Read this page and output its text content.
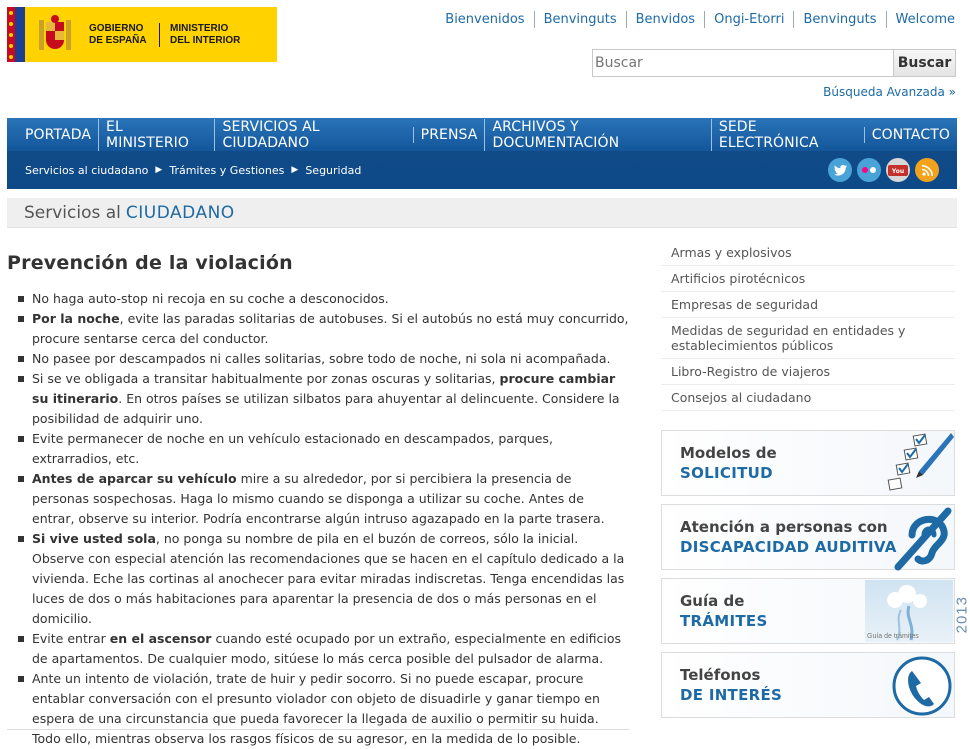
GOBIERNO DE ESPAÑA
MINISTERIO DEL INTERIOR
Bienvenidos	Benvinguts	Benvidos	Ongi-Etorri	Benvinguts	Welcome
Buscar
Buscar
Búsqueda Avanzada »
PORTADA	EL MINISTERIO
SERVICIOS AL CIUDADANO	PRENSA	ARCHIVOS Y DOCUMENTACIÓN
SEDE ELECTRÓNICA	CONTACTO
Servicios al ciudadano ▶ Trámites y Gestiones ▶ Seguridad	You
Servicios al CIUDADANO
Prevención de la violación
No haga auto-stop ni recoja en su coche a desconocidos.
Por la noche, evite las paradas solitarias de autobuses. Si el autobús no está muy concurrido, procure sentarse cerca del conductor.
No pasee por descampados ni calles solitarias, sobre todo de noche, ni sola ni acompañada.
Si se ve obligada a transitar habitualmente por zonas oscuras y solitarias, procure cambiar su itinerario. En otros países se utilizan silbatos para ahuyentar al delincuente. Considere la posibilidad de adquirir uno.
Evite permanecer de noche en un vehículo estacionado en descampados, parques, extrarradios, etc.
Antes de aparcar su vehículo mire a su alrededor, por si percibiera la presencia de personas sospechosas. Haga lo mismo cuando se disponga a utilizar su coche. Antes de entrar, observe su interior. Podría encontrarse algún intruso agazapado en la parte trasera.
Si vive usted sola, no ponga su nombre de pila en el buzón de correos, sólo la inicial. Observe con especial atención las recomendaciones que se hacen en el capítulo dedicado a la vivienda. Eche las cortinas al anochecer para evitar miradas indiscretas. Tenga encendidas las luces de dos o más habitaciones para aparentar la presencia de dos o más personas en el domicilio.
Evite entrar en el ascensor cuando esté ocupado por un extraño, especialmente en edificios de apartamentos. De cualquier modo, sitúese lo más cerca posible del pulsador de alarma.
Ante un intento de violación, trate de huir y pedir socorro. Si no puede escapar, procure entablar conversación con el presunto violador con objeto de disuadirle y ganar tiempo en espera de una circunstancia que pueda favorecer la llegada de auxilio o permitir su huida. Todo ello, mientras observa los rasgos físicos de su agresor, en la medida de lo posible.
Armas y explosivos
Artificios pirotécnicos
Empresas de seguridad
Medidas de seguridad en entidades y establecimientos públicos
Libro-Registro de viajeros
Consejos al ciudadano
Modelos de
SOLICITUD
Atención a personas con
DISCAPACIDAD AUDITIVA
Guía de
TRÁMITES	2013
Guía de trámites
Teléfonos
DE INTERÉS
